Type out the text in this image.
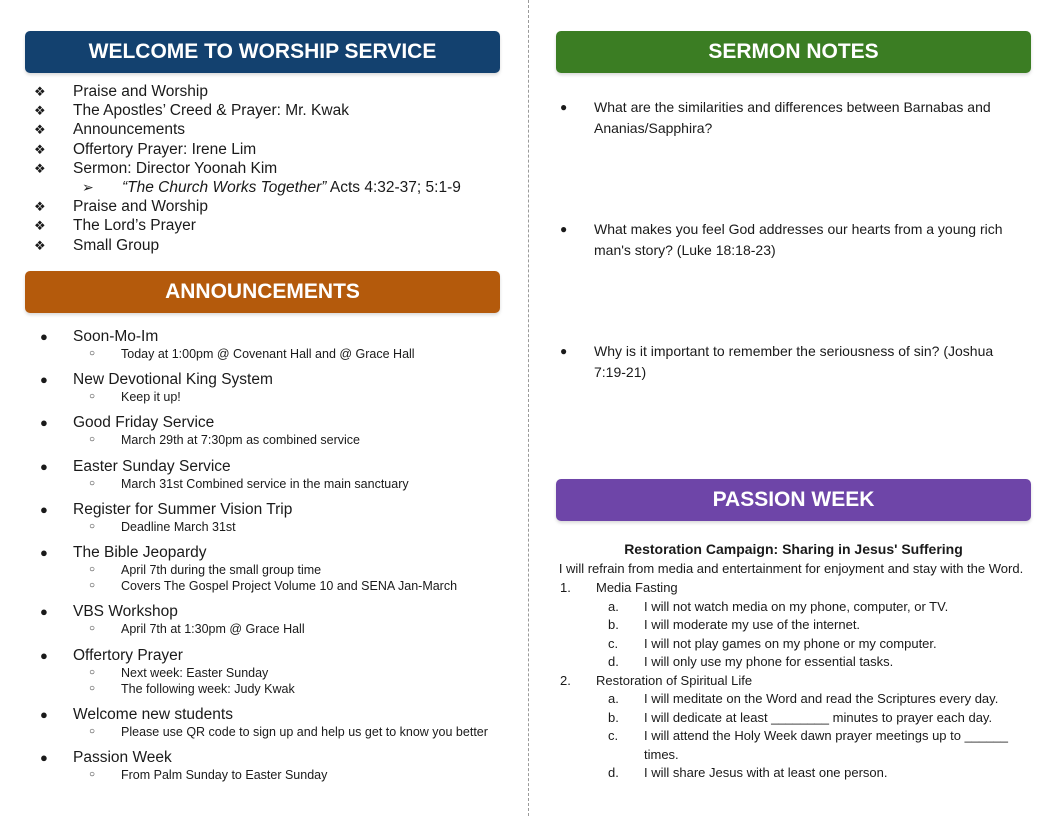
WELCOME TO WORSHIP SERVICE
❖ Praise and Worship
❖ The Apostles’ Creed & Prayer: Mr. Kwak
❖ Announcements
❖ Offertory Prayer: Irene Lim
❖ Sermon: Director Yoonah Kim
➢ “The Church Works Together” Acts 4:32-37; 5:1-9
❖ Praise and Worship
❖ The Lord’s Prayer
❖ Small Group
ANNOUNCEMENTS
● Soon-Mo-Im
○ Today at 1:00pm @ Covenant Hall and @ Grace Hall
● New Devotional King System
○ Keep it up!
● Good Friday Service
○ March 29th at 7:30pm as combined service
● Easter Sunday Service
○ March 31st Combined service in the main sanctuary
● Register for Summer Vision Trip
○ Deadline March 31st
● The Bible Jeopardy
○ April 7th during the small group time
○ Covers The Gospel Project Volume 10 and SENA Jan-March
● VBS Workshop
○ April 7th at 1:30pm @ Grace Hall
● Offertory Prayer
○ Next week: Easter Sunday
○ The following week: Judy Kwak
● Welcome new students
○ Please use QR code to sign up and help us get to know you better
● Passion Week
○ From Palm Sunday to Easter Sunday
SERMON NOTES
● What are the similarities and differences between Barnabas and Ananias/Sapphira?
● What makes you feel God addresses our hearts from a young rich man's story? (Luke 18:18-23)
● Why is it important to remember the seriousness of sin? (Joshua 7:19-21)
PASSION WEEK
Restoration Campaign: Sharing in Jesus' Suffering
I will refrain from media and entertainment for enjoyment and stay with the Word.
1. Media Fasting
a. I will not watch media on my phone, computer, or TV.
b. I will moderate my use of the internet.
c. I will not play games on my phone or my computer.
d. I will only use my phone for essential tasks.
2. Restoration of Spiritual Life
a. I will meditate on the Word and read the Scriptures every day.
b. I will dedicate at least ________ minutes to prayer each day.
c. I will attend the Holy Week dawn prayer meetings up to ______ times.
d. I will share Jesus with at least one person.
